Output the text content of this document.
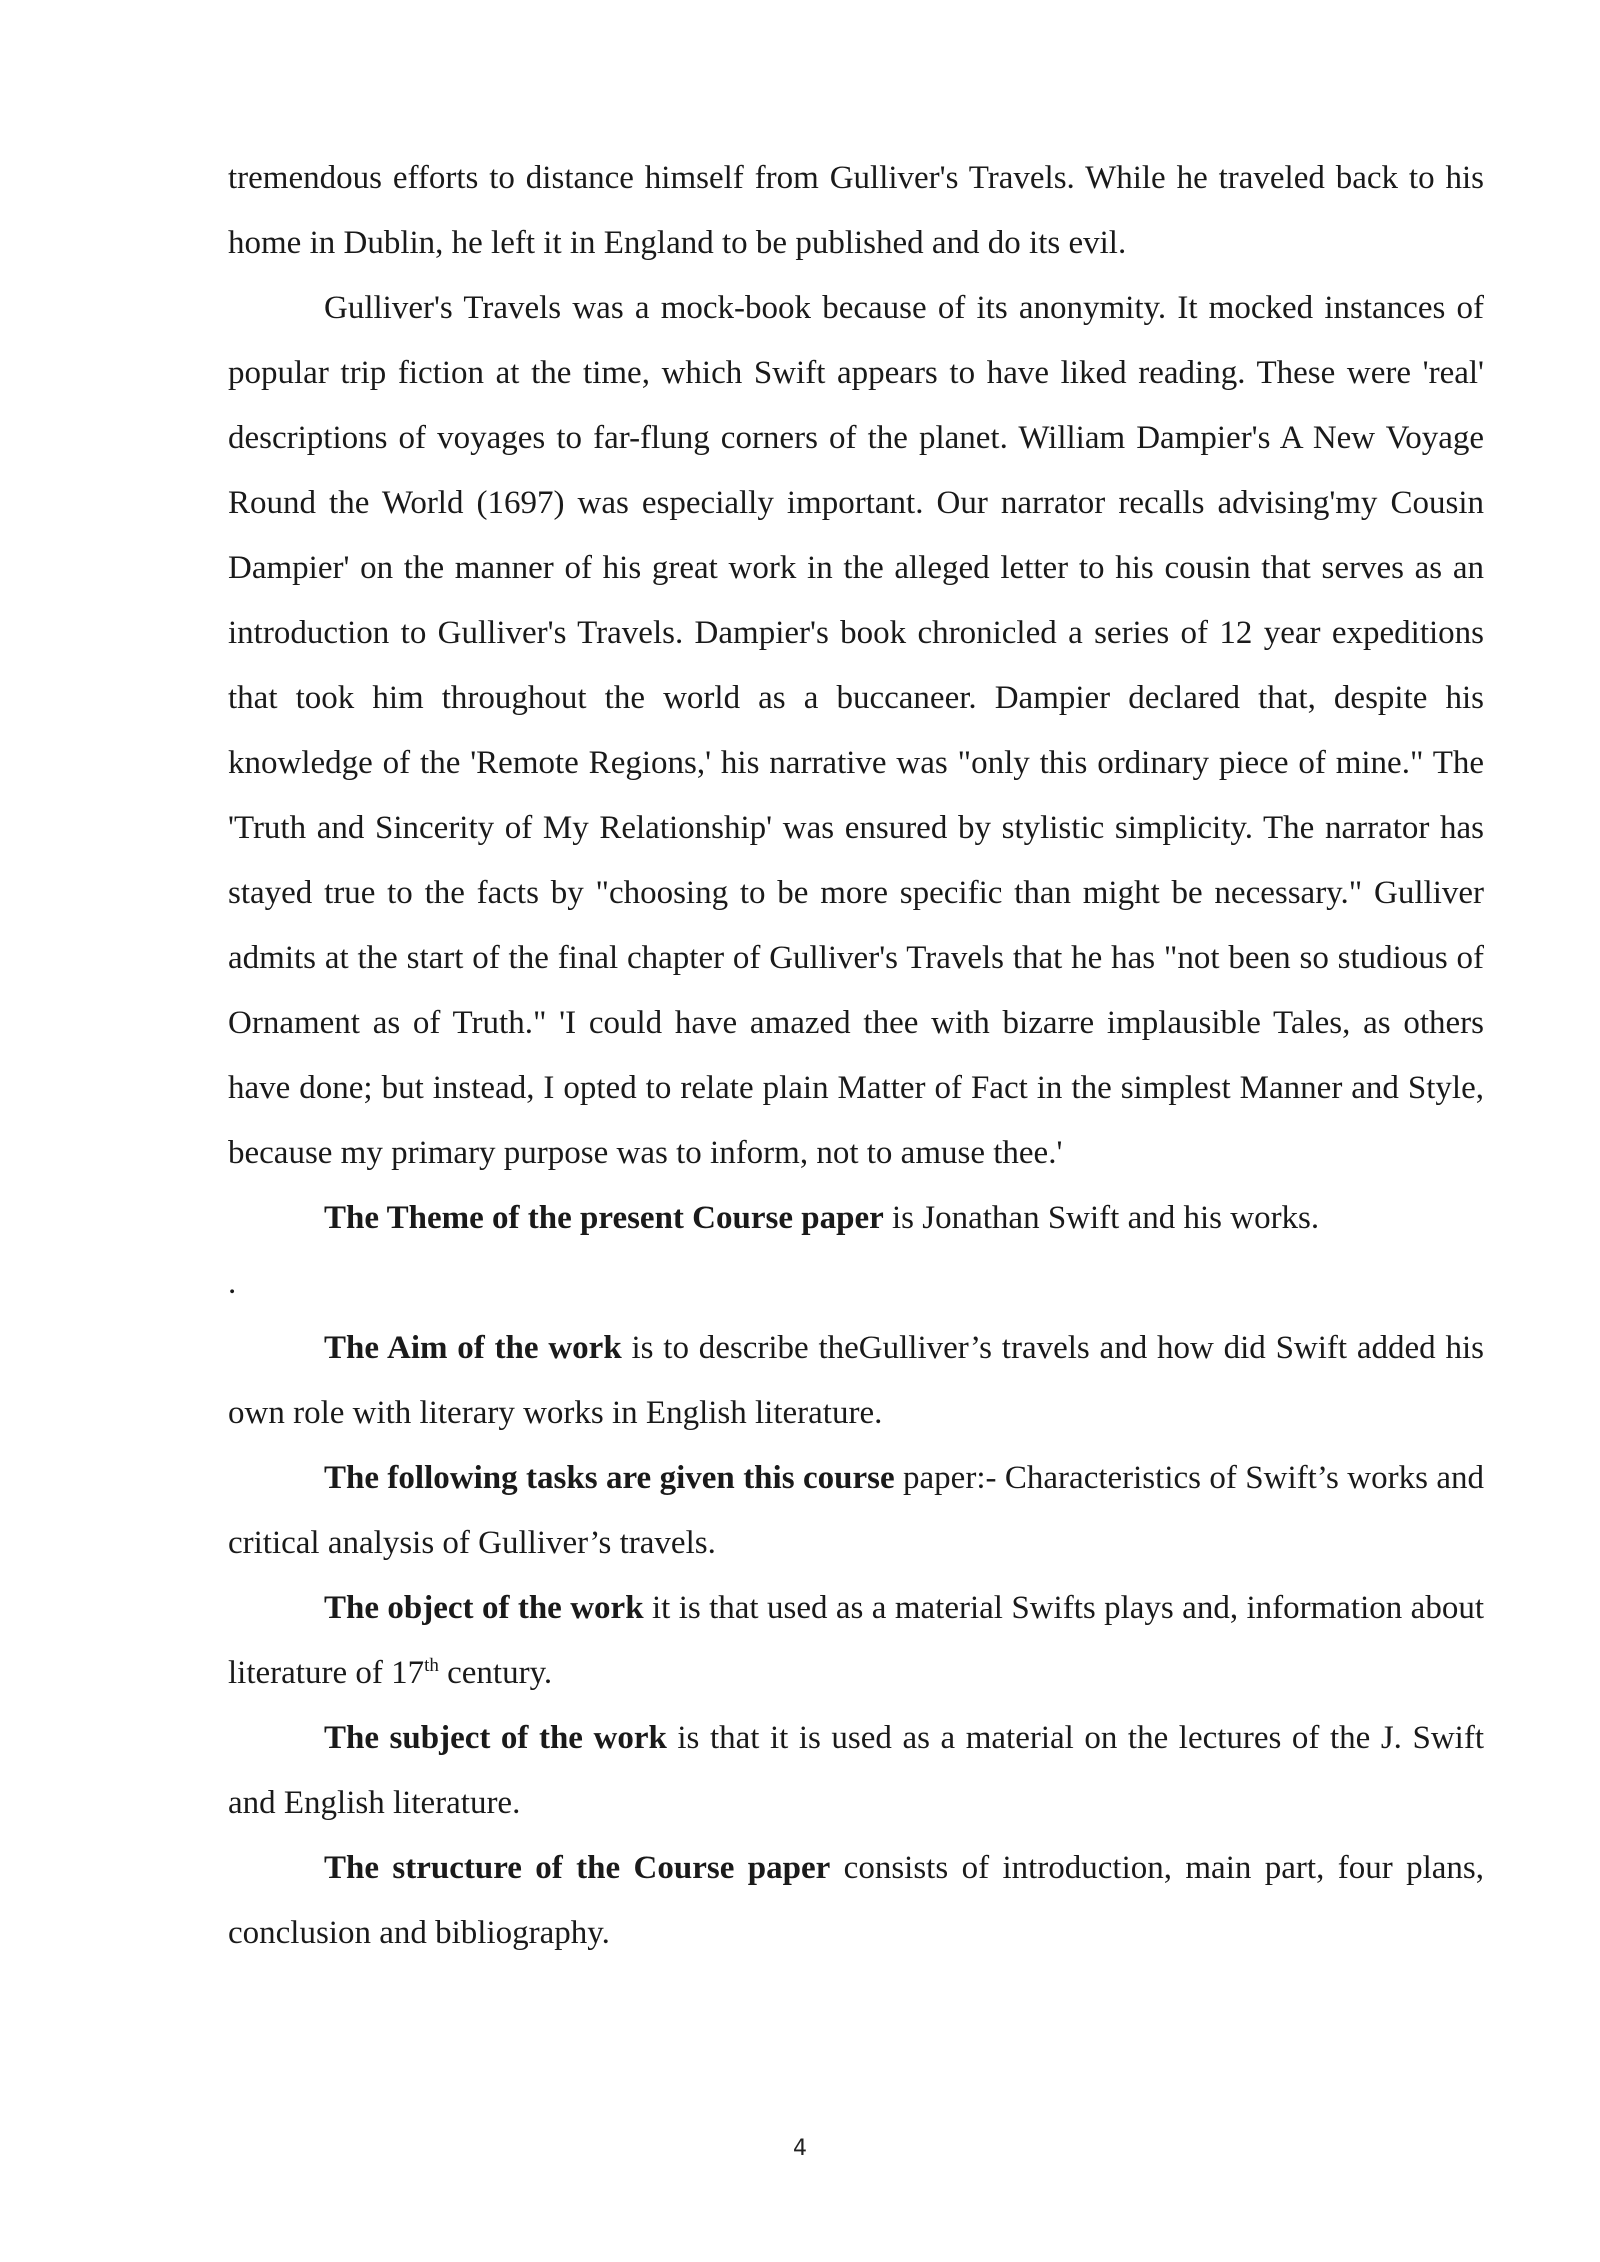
tremendous efforts to distance himself from Gulliver's Travels. While he traveled back to his home in Dublin, he left it in England to be published and do its evil.

Gulliver's Travels was a mock-book because of its anonymity. It mocked instances of popular trip fiction at the time, which Swift appears to have liked reading. These were 'real' descriptions of voyages to far-flung corners of the planet. William Dampier's A New Voyage Round the World (1697) was especially important. Our narrator recalls advising'my Cousin Dampier' on the manner of his great work in the alleged letter to his cousin that serves as an introduction to Gulliver's Travels. Dampier's book chronicled a series of 12 year expeditions that took him throughout the world as a buccaneer. Dampier declared that, despite his knowledge of the 'Remote Regions,' his narrative was "only this ordinary piece of mine." The 'Truth and Sincerity of My Relationship' was ensured by stylistic simplicity. The narrator has stayed true to the facts by "choosing to be more specific than might be necessary." Gulliver admits at the start of the final chapter of Gulliver's Travels that he has "not been so studious of Ornament as of Truth." 'I could have amazed thee with bizarre implausible Tales, as others have done; but instead, I opted to relate plain Matter of Fact in the simplest Manner and Style, because my primary purpose was to inform, not to amuse thee.'

The Theme of the present Course paper is Jonathan Swift and his works.

.

The Aim of the work is to describe theGulliver’s travels and how did Swift added his own role with literary works in English literature.

The following tasks are given this course paper:- Characteristics of Swift’s works and critical analysis of Gulliver’s travels.

The object of the work it is that used as a material Swifts plays and, information about literature of 17th century.

The subject of the work is that it is used as a material on the lectures of the J. Swift and English literature.

The structure of the Course paper consists of introduction, main part, four plans, conclusion and bibliography.

4
